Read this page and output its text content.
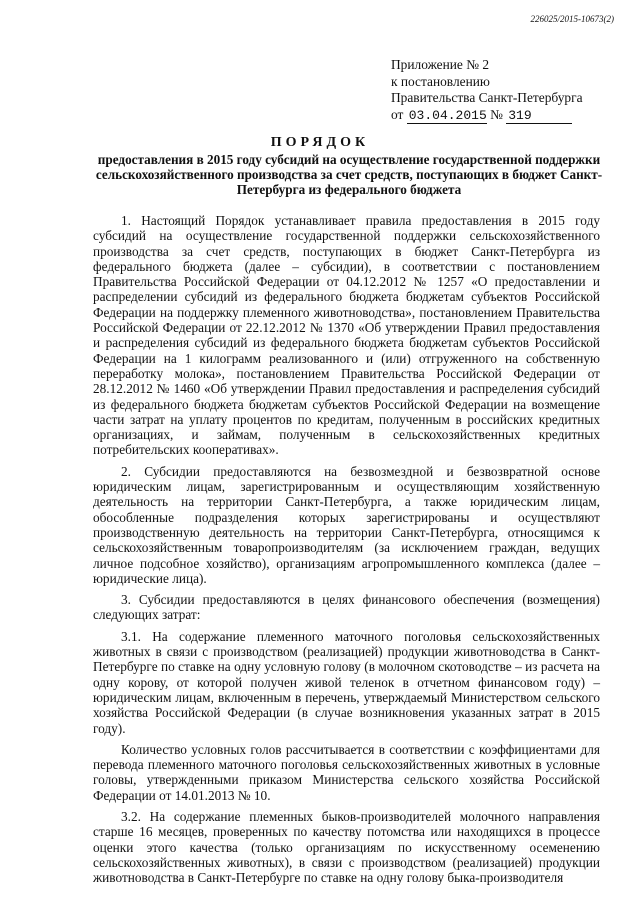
226025/2015-10673(2)
Приложение № 2
к постановлению
Правительства Санкт-Петербурга
от 03.04.2015 № 319
ПОРЯДОК
предоставления в 2015 году субсидий на осуществление государственной поддержки сельскохозяйственного производства за счет средств, поступающих в бюджет Санкт-Петербурга из федерального бюджета

1. Настоящий Порядок устанавливает правила предоставления в 2015 году субсидий на осуществление государственной поддержки сельскохозяйственного производства за счет средств, поступающих в бюджет Санкт-Петербурга из федерального бюджета (далее – субсидии), в соответствии с постановлением Правительства Российской Федерации от 04.12.2012 № 1257 «О предоставлении и распределении субсидий из федерального бюджета бюджетам субъектов Российской Федерации на поддержку племенного животноводства», постановлением Правительства Российской Федерации от 22.12.2012 № 1370 «Об утверждении Правил предоставления и распределения субсидий из федерального бюджета бюджетам субъектов Российской Федерации на 1 килограмм реализованного и (или) отгруженного на собственную переработку молока», постановлением Правительства Российской Федерации от 28.12.2012 № 1460 «Об утверждении Правил предоставления и распределения субсидий из федерального бюджета бюджетам субъектов Российской Федерации на возмещение части затрат на уплату процентов по кредитам, полученным в российских кредитных организациях, и займам, полученным в сельскохозяйственных кредитных потребительских кооперативах».

2. Субсидии предоставляются на безвозмездной и безвозвратной основе юридическим лицам, зарегистрированным и осуществляющим хозяйственную деятельность на территории Санкт-Петербурга, а также юридическим лицам, обособленные подразделения которых зарегистрированы и осуществляют производственную деятельность на территории Санкт-Петербурга, относящимся к сельскохозяйственным товаропроизводителям (за исключением граждан, ведущих личное подсобное хозяйство), организациям агропромышленного комплекса (далее – юридические лица).

3. Субсидии предоставляются в целях финансового обеспечения (возмещения) следующих затрат:

3.1. На содержание племенного маточного поголовья сельскохозяйственных животных в связи с производством (реализацией) продукции животноводства в Санкт-Петербурге по ставке на одну условную голову (в молочном скотоводстве – из расчета на одну корову, от которой получен живой теленок в отчетном финансовом году) – юридическим лицам, включенным в перечень, утверждаемый Министерством сельского хозяйства Российской Федерации (в случае возникновения указанных затрат в 2015 году).

Количество условных голов рассчитывается в соответствии с коэффициентами для перевода племенного маточного поголовья сельскохозяйственных животных в условные головы, утвержденными приказом Министерства сельского хозяйства Российской Федерации от 14.01.2013 № 10.

3.2. На содержание племенных быков-производителей молочного направления старше 16 месяцев, проверенных по качеству потомства или находящихся в процессе оценки этого качества (только организациям по искусственному осеменению сельскохозяйственных животных), в связи с производством (реализацией) продукции животноводства в Санкт-Петербурге по ставке на одну голову быка-производителя
